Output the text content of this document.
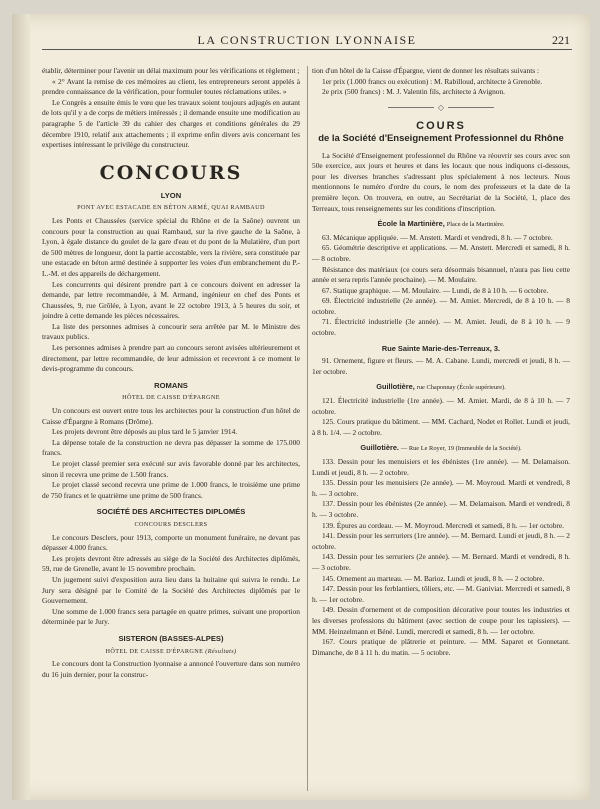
LA CONSTRUCTION LYONNAISE	221

établir, déterminer pour l'avenir un délai maximum pour les vérifications et règlement ;

« 2° Avant la remise de ces mémoires au client, les entrepreneurs seront appelés à prendre connaissance de la vérification, pour formuler toutes réclamations utiles. »

Le Congrès a ensuite émis le vœu que les travaux soient toujours adjugés en autant de lots qu'il y a de corps de métiers intéressés ; il demande ensuite une modification au paragraphe 5 de l'article 39 du cahier des charges et conditions générales du 29 décembre 1910, relatif aux attachements ; il exprime enfin divers avis concernant les expertises intéressant le privilège du constructeur.

CONCOURS
LYON
PONT AVEC ESTACADE EN BÉTON ARMÉ, QUAI RAMBAUD

Les Ponts et Chaussées (service spécial du Rhône et de la Saône) ouvrent un concours pour la construction au quai Rambaud, sur la rive gauche de la Saône, à Lyon, à égale distance du goulet de la gare d'eau et du pont de la Mulatière, d'un port de 500 mètres de longueur, dont la partie accostable, vers la rivière, sera constituée par une estacade en béton armé destinée à supporter les voies d'un embranchement du P.-L.-M. et des appareils de déchargement.

Les concurrents qui désirent prendre part à ce concours doivent en adresser la demande, par lettre recommandée, à M. Armand, ingénieur en chef des Ponts et Chaussées, 9, rue Grôlée, à Lyon, avant le 22 octobre 1913, à 5 heures du soir, et joindre à cette demande les pièces nécessaires.

La liste des personnes admises à concourir sera arrêtée par M. le Ministre des travaux publics.

Les personnes admises à prendre part au concours seront avisées ultérieurement et directement, par lettre recommandée, de leur admission et recevront à ce moment le devis-programme du concours.

ROMANS
HÔTEL DE CAISSE D'ÉPARGNE

Un concours est ouvert entre tous les architectes pour la construction d'un hôtel de Caisse d'Épargne à Romans (Drôme).

Les projets devront être déposés au plus tard le 5 janvier 1914.

La dépense totale de la construction ne devra pas dépasser la somme de 175.000 francs.

Le projet classé premier sera exécuté sur avis favorable donné par les architectes, sinon il recevra une prime de 1.500 francs.

Le projet classé second recevra une prime de 1.000 francs, le troisième une prime de 750 francs et le quatrième une prime de 500 francs.

SOCIÉTÉ DES ARCHITECTES DIPLOMÉS
CONCOURS DESCLERS

Le concours Desclers, pour 1913, comporte un monument funéraire, ne devant pas dépasser 4.000 francs.

Les projets devront être adressés au siège de la Société des Architectes diplômés, 59, rue de Grenelle, avant le 15 novembre prochain.

Un jugement suivi d'exposition aura lieu dans la huitaine qui suivra le rendu. Le Jury sera désigné par le Comité de la Société des Architectes diplômés par le Gouvernement.

Une somme de 1.000 francs sera partagée en quatre primes, suivant une proportion déterminée par le Jury.

SISTERON (BASSES-ALPES)
HÔTEL DE CAISSE D'ÉPARGNE (Résultats)

Le concours dont la Construction lyonnaise a annoncé l'ouverture dans son numéro du 16 juin dernier, pour la construc-

tion d'un hôtel de la Caisse d'Épargne, vient de donner les résultats suivants :

1er prix (1.000 francs ou exécution) : M. Rabilloud, architecte à Grenoble.

2e prix (500 francs) : M. J. Valentin fils, architecte à Avignon.

◇
COURS
de la Société d'Enseignement Professionnel du Rhône

La Société d'Enseignement professionnel du Rhône va réouvrir ses cours avec son 50e exercice, aux jours et heures et dans les locaux que nous indiquons ci-dessous, pour les diverses branches s'adressant plus spécialement à nos lecteurs. Nous mentionnons le numéro d'ordre du cours, le nom des professeurs et la date de la première leçon. On trouvera, en outre, au Secrétariat de la Société, 1, place des Terreaux, tous renseignements sur les conditions d'inscription.

École la Martinière, Place de la Martinière.

63. Mécanique appliquée. — M. Anstett. Mardi et vendredi, 8 h. — 7 octobre.

65. Géométrie descriptive et applications. — M. Anstett. Mercredi et samedi, 8 h. — 8 octobre.

Résistance des matériaux (ce cours sera désormais bisannuel, n'aura pas lieu cette année et sera repris l'année prochaine). — M. Moulaire.

67. Statique graphique. — M. Moulaire. — Lundi, de 8 à 10 h. — 6 octobre.

69. Électricité industrielle (2e année). — M. Amiet. Mercredi, de 8 à 10 h. — 8 octobre.

71. Électricité industrielle (3e année). — M. Amiet. Jeudi, de 8 à 10 h. — 9 octobre.

Rue Sainte Marie-des-Terreaux, 3.

91. Ornement, figure et fleurs. — M. A. Cabane. Lundi, mercredi et jeudi, 8 h. — 1er octobre.

Guillotière, rue Chaponnay (École supérieure).

121. Électricité industrielle (1re année). — M. Amiet. Mardi, de 8 à 10 h. — 7 octobre.

125. Cours pratique du bâtiment. — MM. Cachard, Nodet et Rollet. Lundi et jeudi, à 8 h. 1/4. — 2 octobre.

Guillotière. — Rue Le Royer, 19 (Immeuble de la Société).

133. Dessin pour les menuisiers et les ébénistes (1re année). — M. Delamaison. Lundi et jeudi, 8 h. — 2 octobre.

135. Dessin pour les menuisiers (2e année). — M. Moyroud. Mardi et vendredi, 8 h. — 3 octobre.

137. Dessin pour les ébénistes (2e année). — M. Delamaison. Mardi et vendredi, 8 h. — 3 octobre.

139. Épures au cordeau. — M. Moyroud. Mercredi et samedi, 8 h. — 1er octobre.

141. Dessin pour les serruriers (1re année). — M. Bernard. Lundi et jeudi, 8 h. — 2 octobre.

143. Dessin pour les serruriers (2e année). — M. Bernard. Mardi et vendredi, 8 h. — 3 octobre.

145. Ornement au marteau. — M. Barioz. Lundi et jeudi, 8 h. — 2 octobre.

147. Dessin pour les ferblantiers, tôliers, etc. — M. Ganiviat. Mercredi et samedi, 8 h. — 1er octobre.

149. Dessin d'ornement et de composition décorative pour toutes les industries et les diverses professions du bâtiment (avec section de coupe pour les tapissiers). — MM. Heinzelmann et Béné. Lundi, mercredi et samedi, 8 h. — 1er octobre.

167. Cours pratique de plâtrerie et peinture. — MM. Saparet et Gonnetant. Dimanche, de 8 à 11 h. du matin. — 5 octobre.
